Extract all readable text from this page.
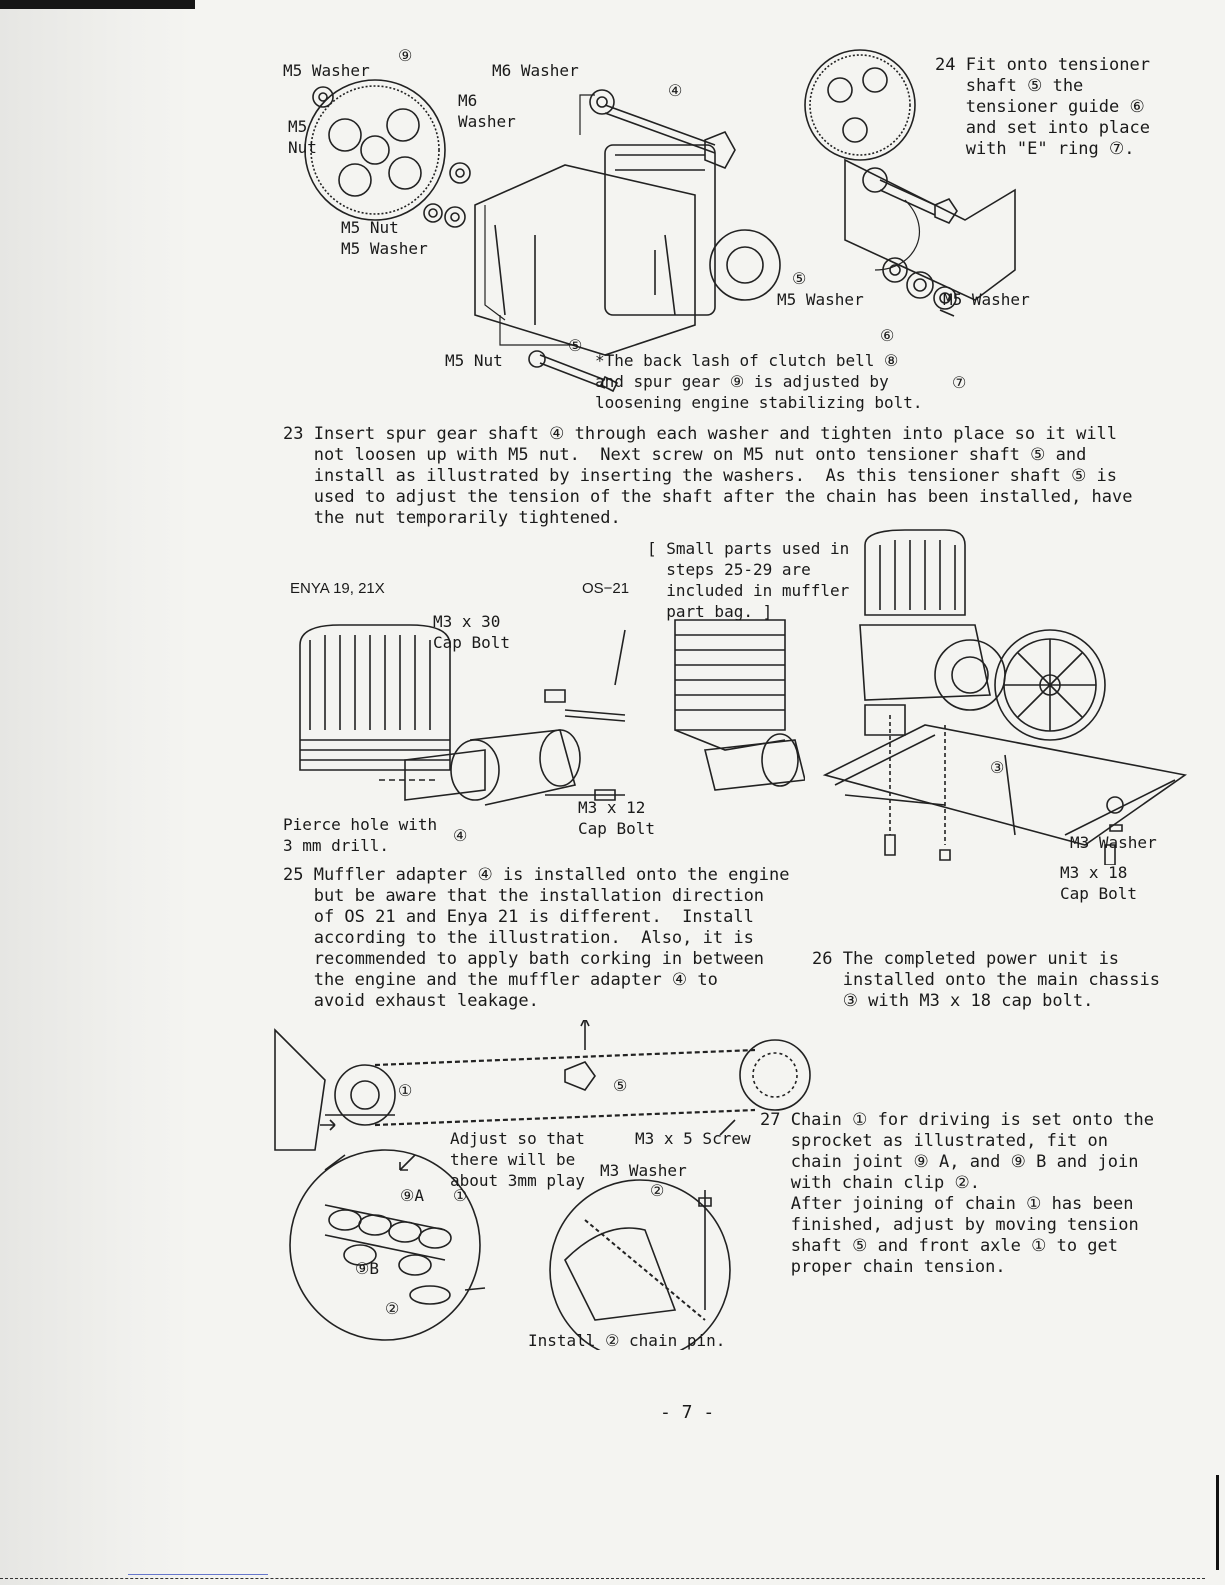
M5 Washer
⑨
M6 Washer
④
M6
Washer
M5
Nut
M5 Nut
M5 Washer
M5 Nut
⑤
⑤
⑥
⑦
M5 Washer	M5 Washer
*The back lash of clutch bell ⑧
and spur gear ⑨ is adjusted by
loosening engine stabilizing bolt.
24 Fit onto tensioner
shaft ⑤ the
tensioner guide ⑥
and set into place
with "E" ring ⑦.
23 Insert spur gear shaft ④ through each washer and tighten into place so it will
not loosen up with M5 nut.  Next screw on M5 nut onto tensioner shaft ⑤ and
install as illustrated by inserting the washers.  As this tensioner shaft ⑤ is
used to adjust the tension of the shaft after the chain has been installed, have
the nut temporarily tightened.
[ Small parts used in
steps 25-29 are
included in muffler
part bag. ]
ENYA 19, 21X	OS−21
M3 x 30
Cap Bolt
M3 x 12
Cap Bolt
Pierce hole with
3 mm drill.
④
③
M3 Washer
M3 x 18
Cap Bolt
25 Muffler adapter ④ is installed onto the engine
but be aware that the installation direction
of OS 21 and Enya 21 is different.  Install
according to the illustration.  Also, it is
recommended to apply bath corking in between
the engine and the muffler adapter ④ to
avoid exhaust leakage.
26 The completed power unit is
installed onto the main chassis
③ with M3 x 18 cap bolt.
Adjust so that
there will be
about 3mm play
M3 x 5 Screw
M3 Washer
②
①	⑤
⑨A ①
⑨B
②
Install ② chain pin.
27 Chain ① for driving is set onto the
sprocket as illustrated, fit on
chain joint ⑨ A, and ⑨ B and join
with chain clip ②.
After joining of chain ① has been
finished, adjust by moving tension
shaft ⑤ and front axle ① to get
proper chain tension.
- 7 -
